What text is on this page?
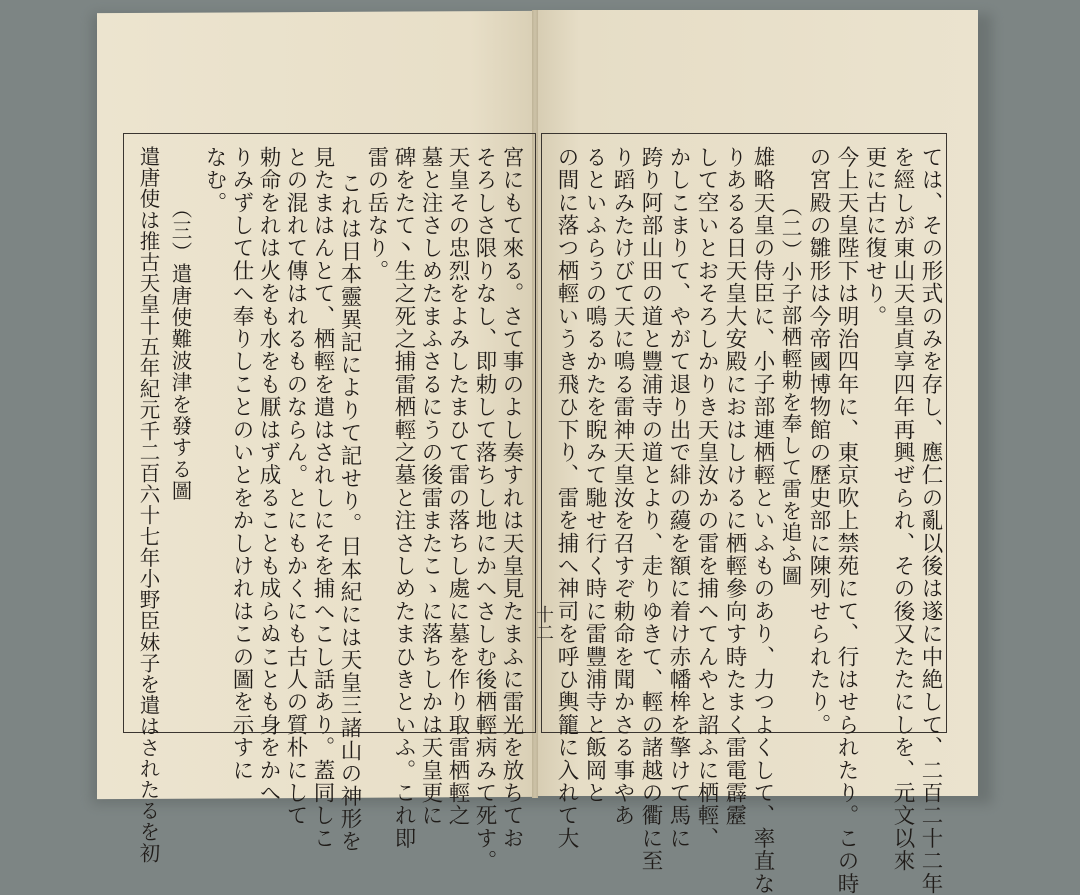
ては、その形式のみを存し、應仁の亂以後は遂に中絶して、二百二十二年
を經しが東山天皇貞享四年再興ぜられ、その後又たたにしを、元文以來
更に古に復せり。
今上天皇陛下は明治四年に、東京吹上禁苑にて、行はせられたり。この時
の宮殿の雛形は今帝國博物館の歷史部に陳列せられたり。
（二）小子部栖輕勅を奉して雷を追ふ圖
雄略天皇の侍臣に、小子部連栖輕といふものあり、力つよくして、率直な
りあるる日天皇大安殿におはしけるに栖輕參向す時たまく雷電霹靂
して空いとおそろしかりき天皇汝かの雷を捕へてんやと詔ふに栖輕、
かしこまりて、やがて退り出で緋の蘰を額に着け赤幡桙を擎けて馬に
跨り阿部山田の道と豐浦寺の道とより、走りゆきて、輕の諸越の衢に至
り蹈みたけびて天に鳴る雷神天皇汝を召すぞ勅命を聞かさる事やあ
るといふらうの鳴るかたを睨みて馳せ行く時に雷豐浦寺と飯岡と
の間に落つ栖輕いうき飛ひ下り、雷を捕へ神司を呼ひ輿籠に入れて大
十二
宮にもて來る。さて事のよし奏すれは天皇見たまふに雷光を放ちてお
そろしさ限りなし、即勅して落ちし地にかへさしむ後栖輕病みて死す。
天皇その忠烈をよみしたまひて雷の落ちし處に墓を作り取雷栖輕之
墓と注さしめたまふさるにうの後雷またこゝに落ちしかは天皇更に
碑をたて丶生之死之捕雷栖輕之墓と注さしめたまひきといふ。これ即
雷の岳なり。
これは日本靈異記によりて記せり。日本紀には天皇三諸山の神形を
見たまはんとて、栖輕を遣はされしにそを捕へこし話あり。蓋同しこ
との混れて傳はれるものならん。とにもかくにも古人の質朴にして
勅命をれは火をも水をも厭はず成ることも成らぬことも身をかへ
りみずして仕へ奉りしことのいとをかしけれはこの圖を示すに
なむ。
（三）遣唐使難波津を發する圖
遣唐使は推古天皇十五年紀元千二百六十七年小野臣妹子を遣はされたるを初
